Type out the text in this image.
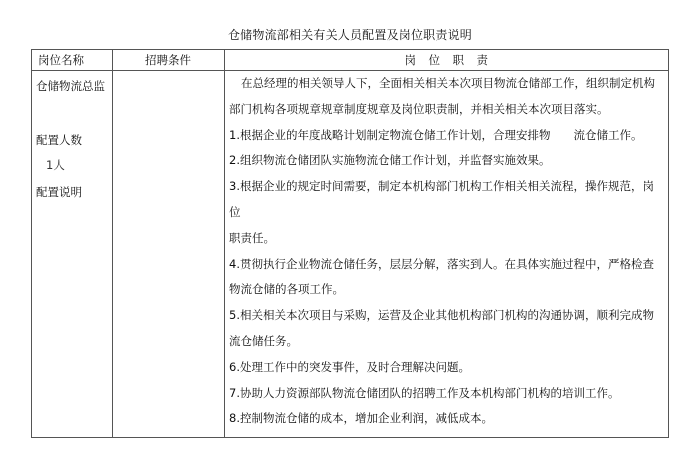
仓储物流部相关有关人员配置及岗位职责说明
岗位名称	招聘条件	岗　位　职　责
仓储物流总监
配置人数
1人
配置说明

在总经理的相关领导人下，全面相关相关本次项目物流仓储部工作，组织制定机构

部门机构各项规章规章制度规章及岗位职责制，并相关相关本次项目落实。

1.根据企业的年度战略计划制定物流仓储工作计划，合理安排物　　流仓储工作。

2.组织物流仓储团队实施物流仓储工作计划，并监督实施效果。

3.根据企业的规定时间需要，制定本机构部门机构工作相关相关流程，操作规范，岗位

职责任。

4.贯彻执行企业物流仓储任务，层层分解，落实到人。在具体实施过程中，严格检查

物流仓储的各项工作。

5.相关相关本次项目与采购，运营及企业其他机构部门机构的沟通协调，顺利完成物

流仓储任务。

6.处理工作中的突发事件，及时合理解决问题。

7.协助人力资源部队物流仓储团队的招聘工作及本机构部门机构的培训工作。

8.控制物流仓储的成本，增加企业利润，减低成本。
